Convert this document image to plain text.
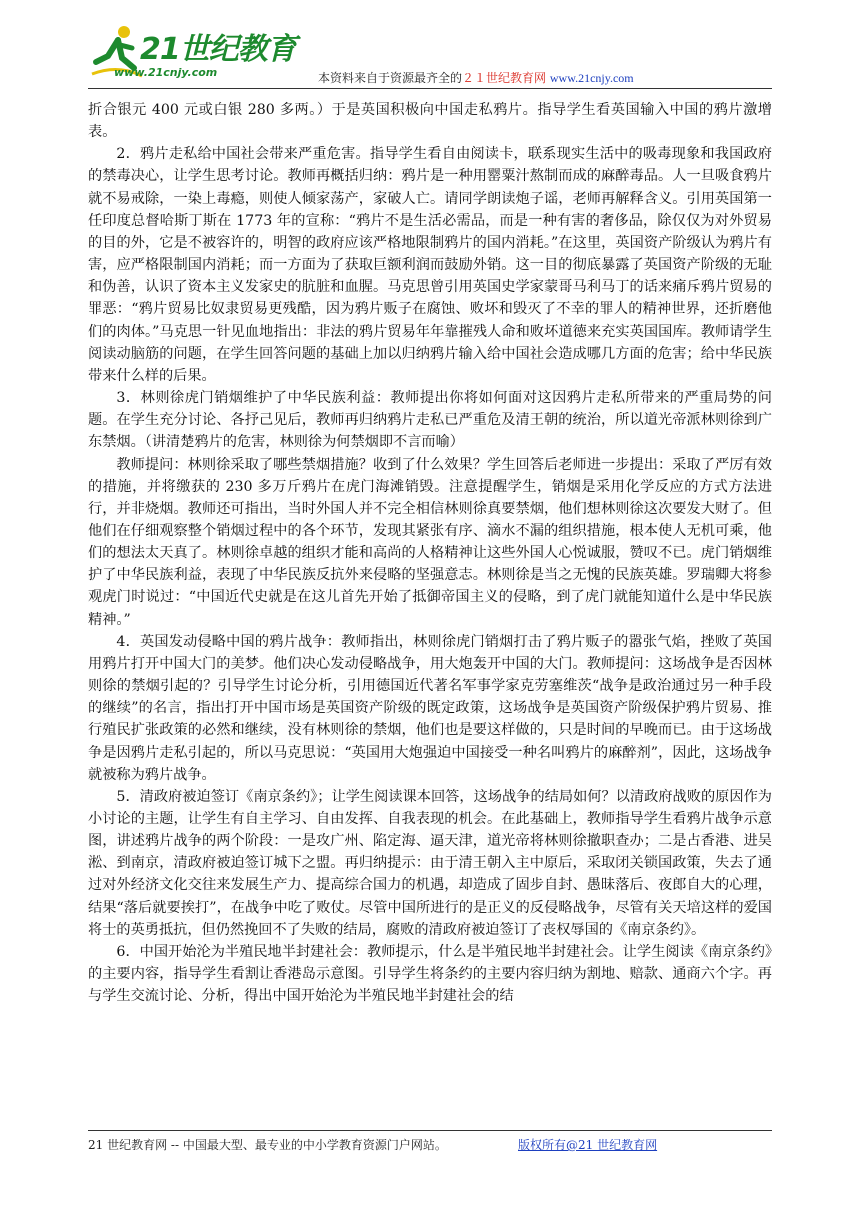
21世纪教育
www.21cnjy.com	本资料来自于资源最齐全的２１世纪教育网 www.21cnjy.com

折合银元 400 元或白银 280 多两。）于是英国积极向中国走私鸦片。指导学生看英国输入中国的鸦片激增表。

2．鸦片走私给中国社会带来严重危害。指导学生看自由阅读卡，联系现实生活中的吸毒现象和我国政府的禁毒决心，让学生思考讨论。教师再概括归纳：鸦片是一种用罂粟汁熬制而成的麻醉毒品。人一旦吸食鸦片就不易戒除，一染上毒瘾，则使人倾家荡产，家破人亡。请同学朗读炮子谣，老师再解释含义。引用英国第一任印度总督哈斯丁斯在 1773 年的宣称：“鸦片不是生活必需品，而是一种有害的奢侈品，除仅仅为对外贸易的目的外，它是不被容许的，明智的政府应该严格地限制鸦片的国内消耗。”在这里，英国资产阶级认为鸦片有害，应严格限制国内消耗；而一方面为了获取巨额利润而鼓励外销。这一目的彻底暴露了英国资产阶级的无耻和伪善，认识了资本主义发家史的肮脏和血腥。马克思曾引用英国史学家蒙哥马利马丁的话来痛斥鸦片贸易的罪恶：“鸦片贸易比奴隶贸易更残酷，因为鸦片贩子在腐蚀、败坏和毁灭了不幸的罪人的精神世界，还折磨他们的肉体。”马克思一针见血地指出：非法的鸦片贸易年年靠摧残人命和败坏道德来充实英国国库。教师请学生阅读动脑筋的问题，在学生回答问题的基础上加以归纳鸦片输入给中国社会造成哪几方面的危害；给中华民族带来什么样的后果。

3．林则徐虎门销烟维护了中华民族利益：教师提出你将如何面对这因鸦片走私所带来的严重局势的问题。在学生充分讨论、各抒己见后，教师再归纳鸦片走私已严重危及清王朝的统治，所以道光帝派林则徐到广东禁烟。（讲清楚鸦片的危害，林则徐为何禁烟即不言而喻）

教师提问：林则徐采取了哪些禁烟措施？收到了什么效果？学生回答后老师进一步提出：采取了严厉有效的措施，并将缴获的 230 多万斤鸦片在虎门海滩销毁。注意提醒学生，销烟是采用化学反应的方式方法进行，并非烧烟。教师还可指出，当时外国人并不完全相信林则徐真要禁烟，他们想林则徐这次要发大财了。但他们在仔细观察整个销烟过程中的各个环节，发现其紧张有序、滴水不漏的组织措施，根本使人无机可乘，他们的想法太天真了。林则徐卓越的组织才能和高尚的人格精神让这些外国人心悦诚服，赞叹不已。虎门销烟维护了中华民族利益，表现了中华民族反抗外来侵略的坚强意志。林则徐是当之无愧的民族英雄。罗瑞卿大将参观虎门时说过：“中国近代史就是在这儿首先开始了抵御帝国主义的侵略，到了虎门就能知道什么是中华民族精神。”

4．英国发动侵略中国的鸦片战争：教师指出，林则徐虎门销烟打击了鸦片贩子的嚣张气焰，挫败了英国用鸦片打开中国大门的美梦。他们决心发动侵略战争，用大炮轰开中国的大门。教师提问：这场战争是否因林则徐的禁烟引起的？引导学生讨论分析，引用德国近代著名军事学家克劳塞维茨“战争是政治通过另一种手段的继续”的名言，指出打开中国市场是英国资产阶级的既定政策，这场战争是英国资产阶级保护鸦片贸易、推行殖民扩张政策的必然和继续，没有林则徐的禁烟，他们也是要这样做的，只是时间的早晚而已。由于这场战争是因鸦片走私引起的，所以马克思说：“英国用大炮强迫中国接受一种名叫鸦片的麻醉剂”，因此，这场战争就被称为鸦片战争。

5．清政府被迫签订《南京条约》；让学生阅读课本回答，这场战争的结局如何？以清政府战败的原因作为小讨论的主题，让学生有自主学习、自由发挥、自我表现的机会。在此基础上，教师指导学生看鸦片战争示意图，讲述鸦片战争的两个阶段：一是攻广州、陷定海、逼天津，道光帝将林则徐撤职查办；二是占香港、进吴淞、到南京，清政府被迫签订城下之盟。再归纳提示：由于清王朝入主中原后，采取闭关锁国政策，失去了通过对外经济文化交往来发展生产力、提高综合国力的机遇，却造成了固步自封、愚昧落后、夜郎自大的心理，结果“落后就要挨打”，在战争中吃了败仗。尽管中国所进行的是正义的反侵略战争，尽管有关天培这样的爱国将士的英勇抵抗，但仍然挽回不了失败的结局，腐败的清政府被迫签订了丧权辱国的《南京条约》。

6．中国开始沦为半殖民地半封建社会：教师提示，什么是半殖民地半封建社会。让学生阅读《南京条约》的主要内容，指导学生看割让香港岛示意图。引导学生将条约的主要内容归纳为割地、赔款、通商六个字。再与学生交流讨论、分析，得出中国开始沦为半殖民地半封建社会的结

21 世纪教育网 -- 中国最大型、最专业的中小学教育资源门户网站。	版权所有@21 世纪教育网
